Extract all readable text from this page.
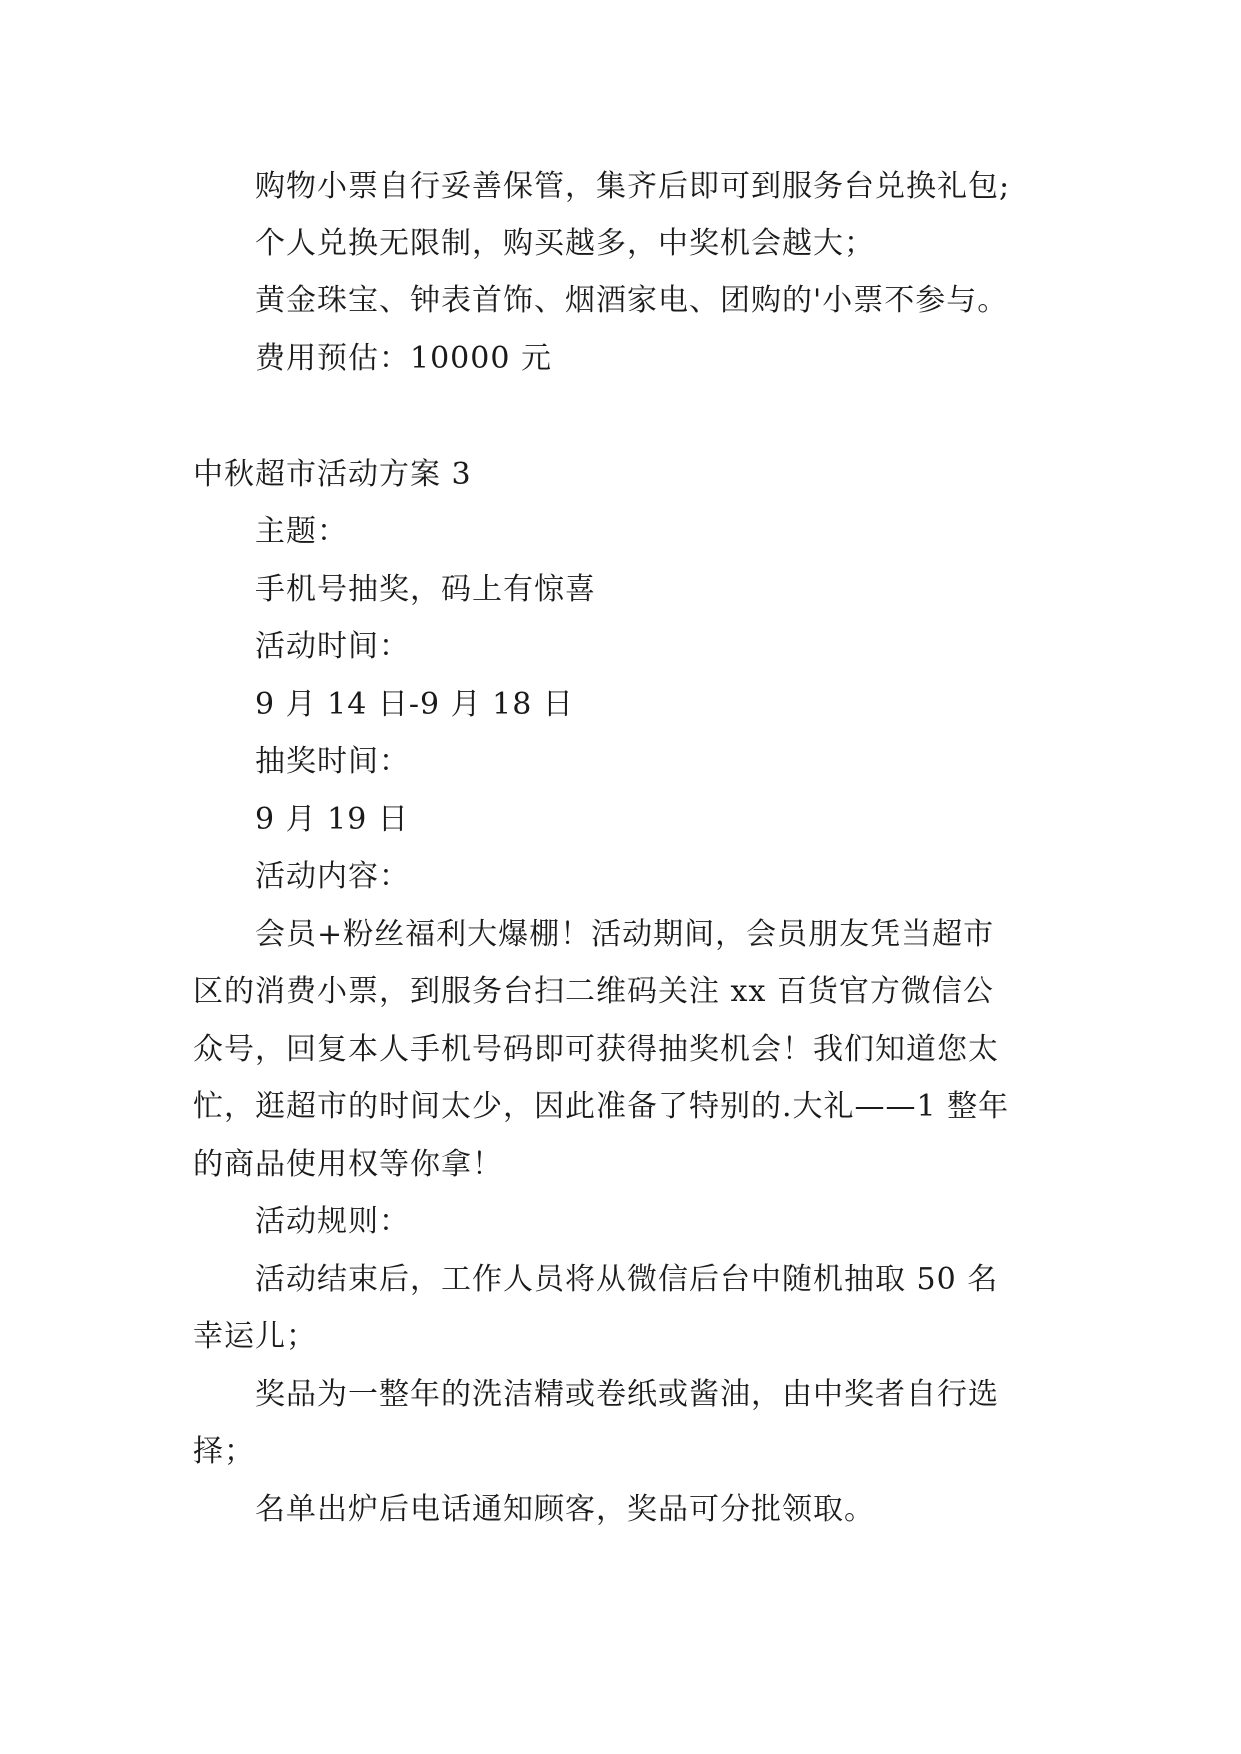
购物小票自行妥善保管，集齐后即可到服务台兑换礼包;
个人兑换无限制，购买越多，中奖机会越大；
黄金珠宝、钟表首饰、烟酒家电、团购的'小票不参与。
费用预估：10000 元
中秋超市活动方案 3
主题：
手机号抽奖，码上有惊喜
活动时间：
9 月 14 日-9 月 18 日
抽奖时间：
9 月 19 日
活动内容：
会员+粉丝福利大爆棚！活动期间，会员朋友凭当超市
区的消费小票，到服务台扫二维码关注 xx 百货官方微信公
众号，回复本人手机号码即可获得抽奖机会！我们知道您太
忙，逛超市的时间太少，因此准备了特别的.大礼——1 整年
的商品使用权等你拿！
活动规则：
活动结束后，工作人员将从微信后台中随机抽取 50 名
幸运儿；
奖品为一整年的洗洁精或卷纸或酱油，由中奖者自行选
择；
名单出炉后电话通知顾客，奖品可分批领取。
